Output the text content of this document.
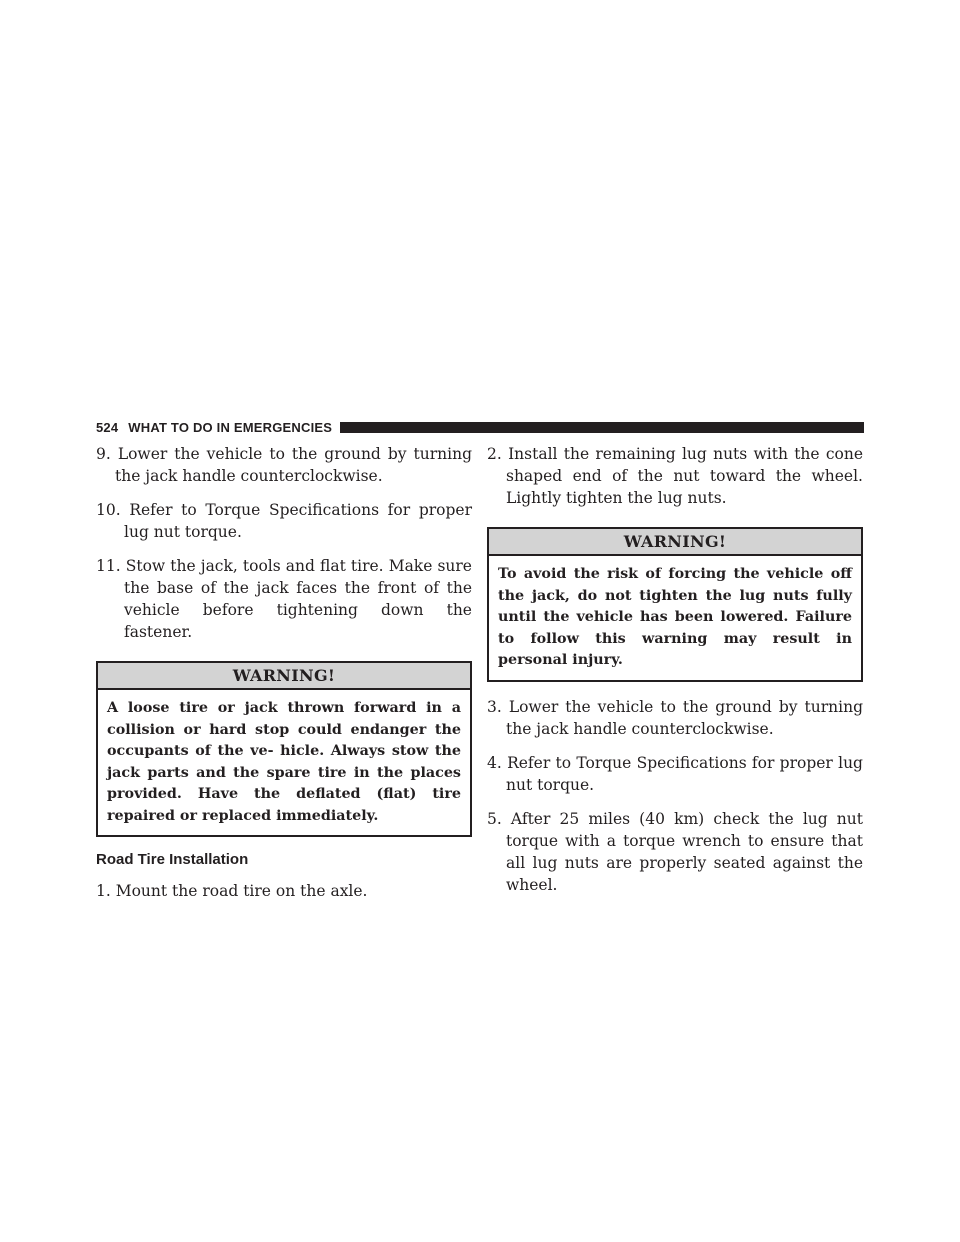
524 WHAT TO DO IN EMERGENCIES

9. Lower the vehicle to the ground by turning the jack handle counterclockwise.

10. Refer to Torque Specifications for proper lug nut torque.

11. Stow the jack, tools and flat tire. Make sure the base of the jack faces the front of the vehicle before tightening down the fastener.

WARNING!
A loose tire or jack thrown forward in a collision or hard stop could endanger the occupants of the ve- hicle. Always stow the jack parts and the spare tire in the places provided. Have the deflated (flat) tire repaired or replaced immediately.
Road Tire Installation

1. Mount the road tire on the axle.

2. Install the remaining lug nuts with the cone shaped end of the nut toward the wheel. Lightly tighten the lug nuts.

WARNING!
To avoid the risk of forcing the vehicle off the jack, do not tighten the lug nuts fully until the vehicle has been lowered. Failure to follow this warning may result in personal injury.

3. Lower the vehicle to the ground by turning the jack handle counterclockwise.

4. Refer to Torque Specifications for proper lug nut torque.

5. After 25 miles (40 km) check the lug nut torque with a torque wrench to ensure that all lug nuts are properly seated against the wheel.
